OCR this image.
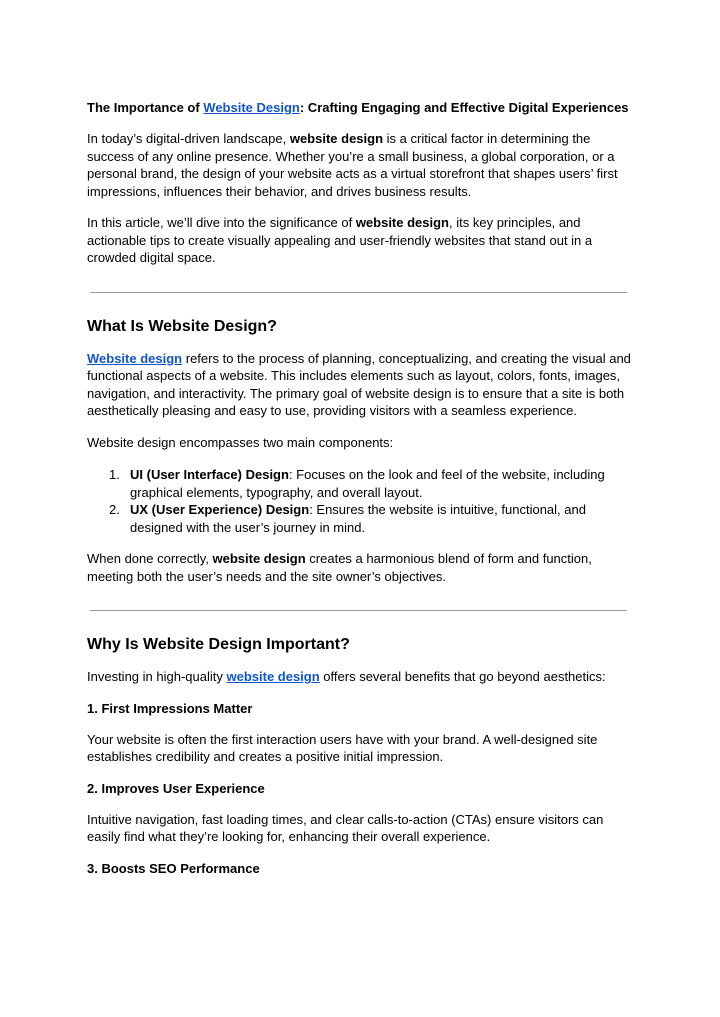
The Importance of Website Design: Crafting Engaging and Effective Digital Experiences

In today’s digital-driven landscape, website design is a critical factor in determining the success of any online presence. Whether you’re a small business, a global corporation, or a personal brand, the design of your website acts as a virtual storefront that shapes users’ first impressions, influences their behavior, and drives business results.

In this article, we’ll dive into the significance of website design, its key principles, and actionable tips to create visually appealing and user-friendly websites that stand out in a crowded digital space.

What Is Website Design?

Website design refers to the process of planning, conceptualizing, and creating the visual and functional aspects of a website. This includes elements such as layout, colors, fonts, images, navigation, and interactivity. The primary goal of website design is to ensure that a site is both aesthetically pleasing and easy to use, providing visitors with a seamless experience.

Website design encompasses two main components:

1. UI (User Interface) Design: Focuses on the look and feel of the website, including graphical elements, typography, and overall layout.
2. UX (User Experience) Design: Ensures the website is intuitive, functional, and designed with the user’s journey in mind.

When done correctly, website design creates a harmonious blend of form and function, meeting both the user’s needs and the site owner’s objectives.

Why Is Website Design Important?

Investing in high-quality website design offers several benefits that go beyond aesthetics:

1. First Impressions Matter

Your website is often the first interaction users have with your brand. A well-designed site establishes credibility and creates a positive initial impression.

2. Improves User Experience

Intuitive navigation, fast loading times, and clear calls-to-action (CTAs) ensure visitors can easily find what they’re looking for, enhancing their overall experience.

3. Boosts SEO Performance
